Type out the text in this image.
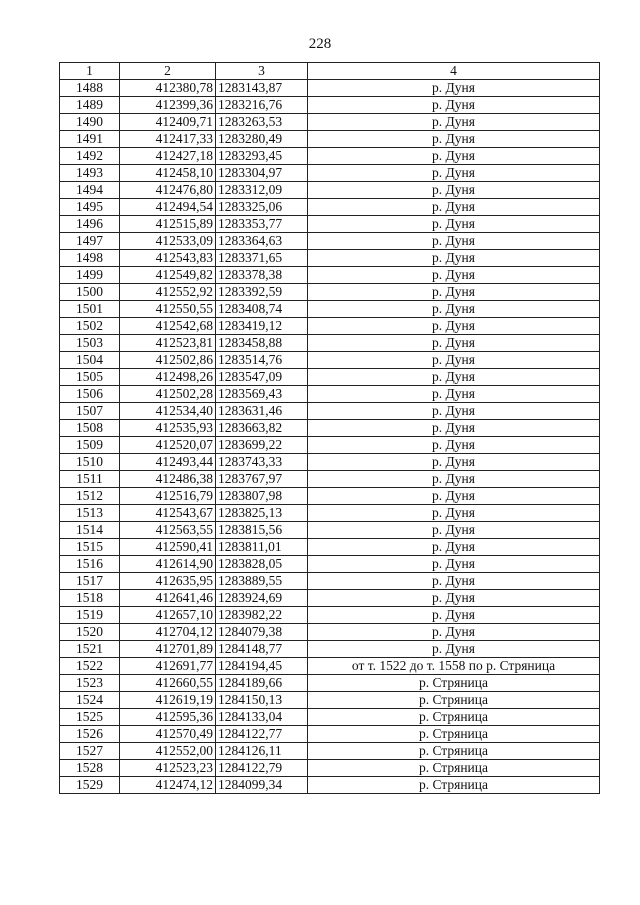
228
1	2	3	4
1488	412380,78	1283143,87	р. Дуня
1489	412399,36	1283216,76	р. Дуня
1490	412409,71	1283263,53	р. Дуня
1491	412417,33	1283280,49	р. Дуня
1492	412427,18	1283293,45	р. Дуня
1493	412458,10	1283304,97	р. Дуня
1494	412476,80	1283312,09	р. Дуня
1495	412494,54	1283325,06	р. Дуня
1496	412515,89	1283353,77	р. Дуня
1497	412533,09	1283364,63	р. Дуня
1498	412543,83	1283371,65	р. Дуня
1499	412549,82	1283378,38	р. Дуня
1500	412552,92	1283392,59	р. Дуня
1501	412550,55	1283408,74	р. Дуня
1502	412542,68	1283419,12	р. Дуня
1503	412523,81	1283458,88	р. Дуня
1504	412502,86	1283514,76	р. Дуня
1505	412498,26	1283547,09	р. Дуня
1506	412502,28	1283569,43	р. Дуня
1507	412534,40	1283631,46	р. Дуня
1508	412535,93	1283663,82	р. Дуня
1509	412520,07	1283699,22	р. Дуня
1510	412493,44	1283743,33	р. Дуня
1511	412486,38	1283767,97	р. Дуня
1512	412516,79	1283807,98	р. Дуня
1513	412543,67	1283825,13	р. Дуня
1514	412563,55	1283815,56	р. Дуня
1515	412590,41	1283811,01	р. Дуня
1516	412614,90	1283828,05	р. Дуня
1517	412635,95	1283889,55	р. Дуня
1518	412641,46	1283924,69	р. Дуня
1519	412657,10	1283982,22	р. Дуня
1520	412704,12	1284079,38	р. Дуня
1521	412701,89	1284148,77	р. Дуня
1522	412691,77	1284194,45	от т. 1522 до т. 1558 по р. Стряница
1523	412660,55	1284189,66	р. Стряница
1524	412619,19	1284150,13	р. Стряница
1525	412595,36	1284133,04	р. Стряница
1526	412570,49	1284122,77	р. Стряница
1527	412552,00	1284126,11	р. Стряница
1528	412523,23	1284122,79	р. Стряница
1529	412474,12	1284099,34	р. Стряница
